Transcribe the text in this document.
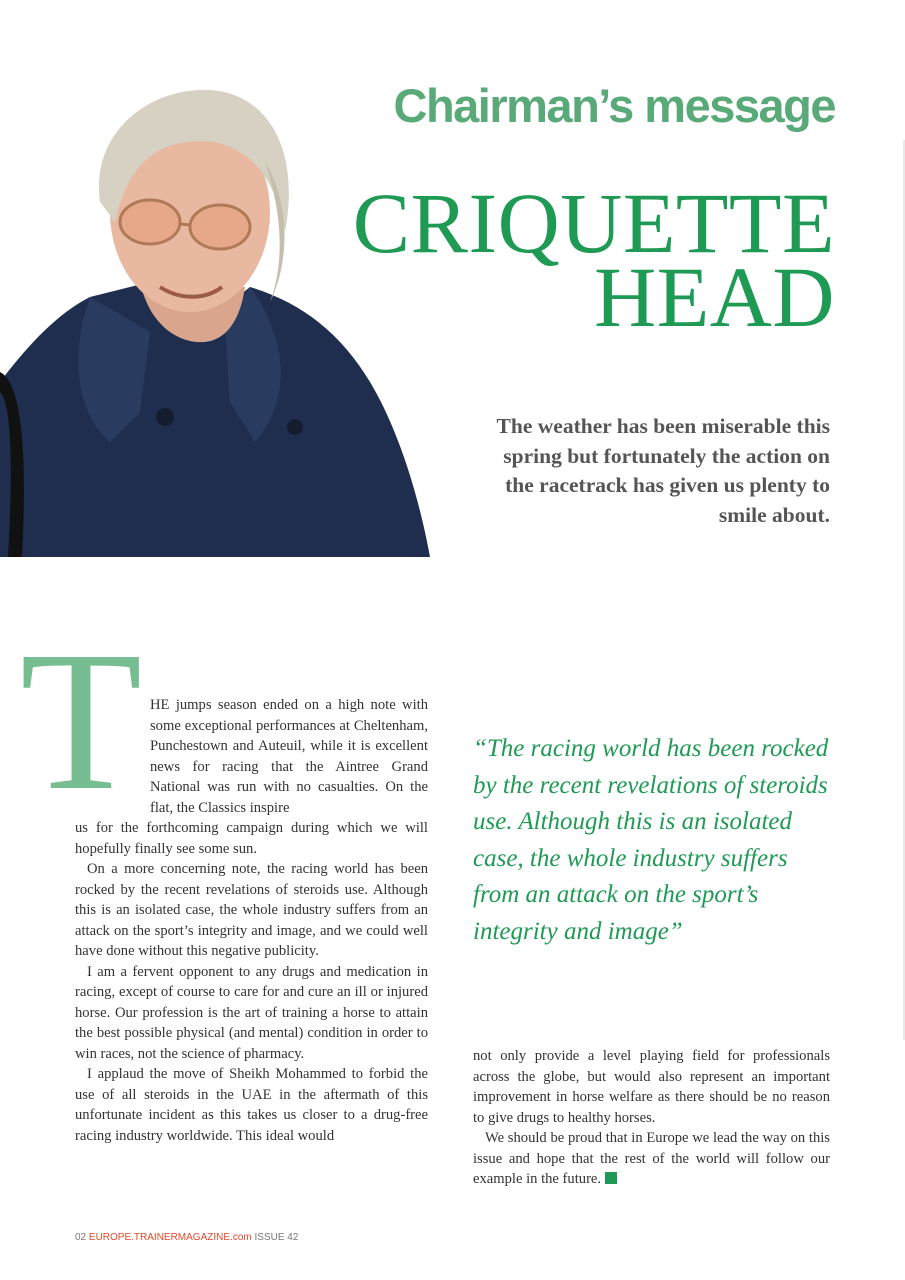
Chairman’s message
CRIQUETTE
HEAD
The weather has been miserable this spring but fortunately the action on the racetrack has given us plenty to smile about.
T HE jumps season ended on a high note with some exceptional performances at Cheltenham, Punchestown and Auteuil, while it is excellent news for racing that the Aintree Grand National was run with no casualties. On the flat, the Classics inspire

us for the forthcoming campaign during which we will hopefully finally see some sun.

On a more concerning note, the racing world has been rocked by the recent revelations of steroids use. Although this is an isolated case, the whole industry suffers from an attack on the sport’s integrity and image, and we could well have done without this negative publicity.

I am a fervent opponent to any drugs and medication in racing, except of course to care for and cure an ill or injured horse. Our profession is the art of training a horse to attain the best possible physical (and mental) condition in order to win races, not the science of pharmacy.

I applaud the move of Sheikh Mohammed to forbid the use of all steroids in the UAE in the aftermath of this unfortunate incident as this takes us closer to a drug-free racing industry worldwide. This ideal would

“The racing world has been rocked by the recent revelations of steroids use. Although this is an isolated case, the whole industry suffers from an attack on the sport’s integrity and image”

not only provide a level playing field for professionals across the globe, but would also represent an important improvement in horse welfare as there should be no reason to give drugs to healthy horses.

We should be proud that in Europe we lead the way on this issue and hope that the rest of the world will follow our example in the future.

02 EUROPE.TRAINERMAGAZINE.com ISSUE 42
